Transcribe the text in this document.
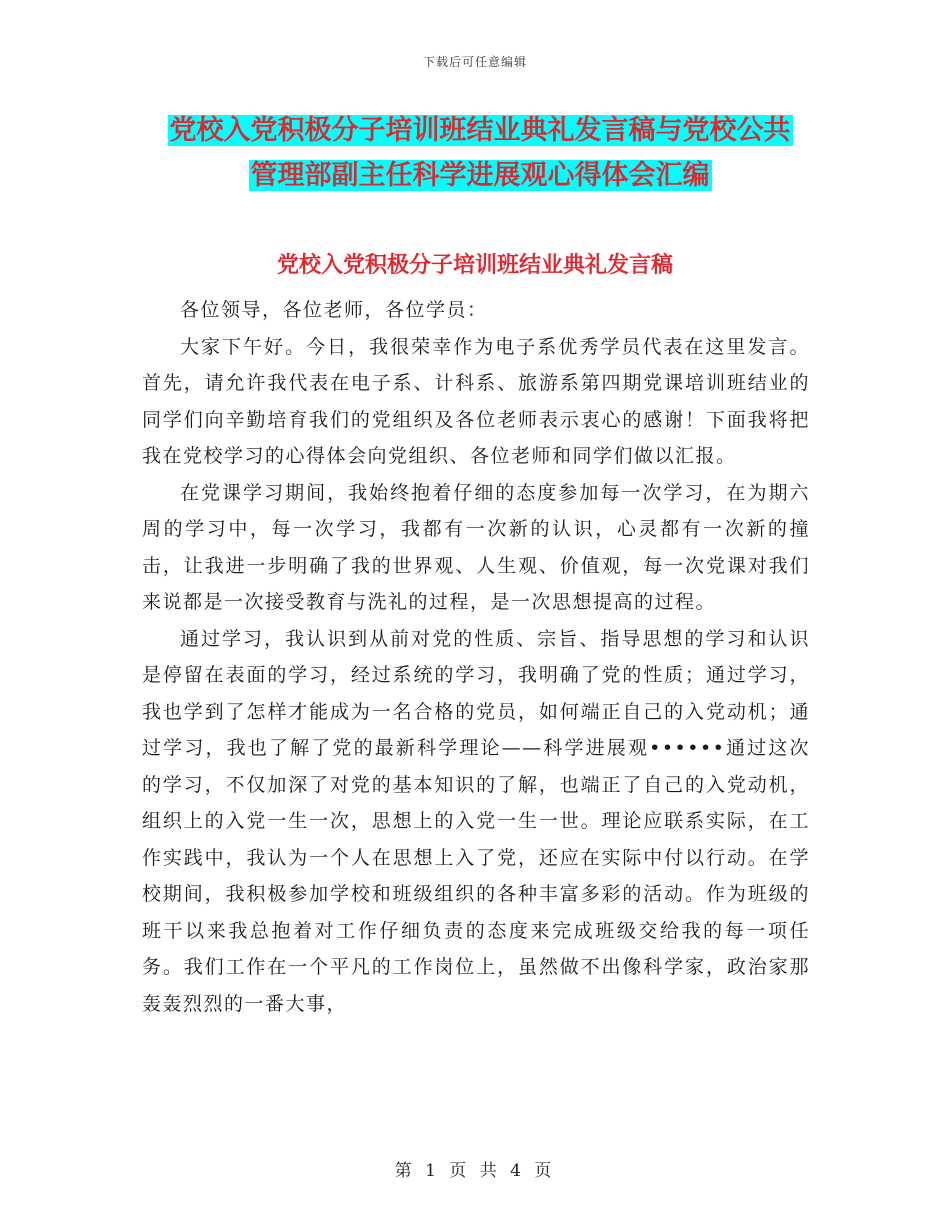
下载后可任意编辑
党校入党积极分子培训班结业典礼发言稿与党校公共
管理部副主任科学进展观心得体会汇编
党校入党积极分子培训班结业典礼发言稿

各位领导，各位老师，各位学员：

大家下午好。今日，我很荣幸作为电子系优秀学员代表在这里发言。首先，请允许我代表在电子系、计科系、旅游系第四期党课培训班结业的同学们向辛勤培育我们的党组织及各位老师表示衷心的感谢！下面我将把我在党校学习的心得体会向党组织、各位老师和同学们做以汇报。

在党课学习期间，我始终抱着仔细的态度参加每一次学习，在为期六周的学习中，每一次学习，我都有一次新的认识，心灵都有一次新的撞击，让我进一步明确了我的世界观、人生观、价值观，每一次党课对我们来说都是一次接受教育与洗礼的过程，是一次思想提高的过程。

通过学习，我认识到从前对党的性质、宗旨、指导思想的学习和认识是停留在表面的学习，经过系统的学习，我明确了党的性质；通过学习，我也学到了怎样才能成为一名合格的党员，如何端正自己的入党动机；通过学习，我也了解了党的最新科学理论——科学进展观••••••通过这次的学习，不仅加深了对党的基本知识的了解，也端正了自己的入党动机，组织上的入党一生一次，思想上的入党一生一世。理论应联系实际，在工作实践中，我认为一个人在思想上入了党，还应在实际中付以行动。在学校期间，我积极参加学校和班级组织的各种丰富多彩的活动。作为班级的班干以来我总抱着对工作仔细负责的态度来完成班级交给我的每一项任务。我们工作在一个平凡的工作岗位上，虽然做不出像科学家，政治家那轰轰烈烈的一番大事，

第 1 页 共 4 页
